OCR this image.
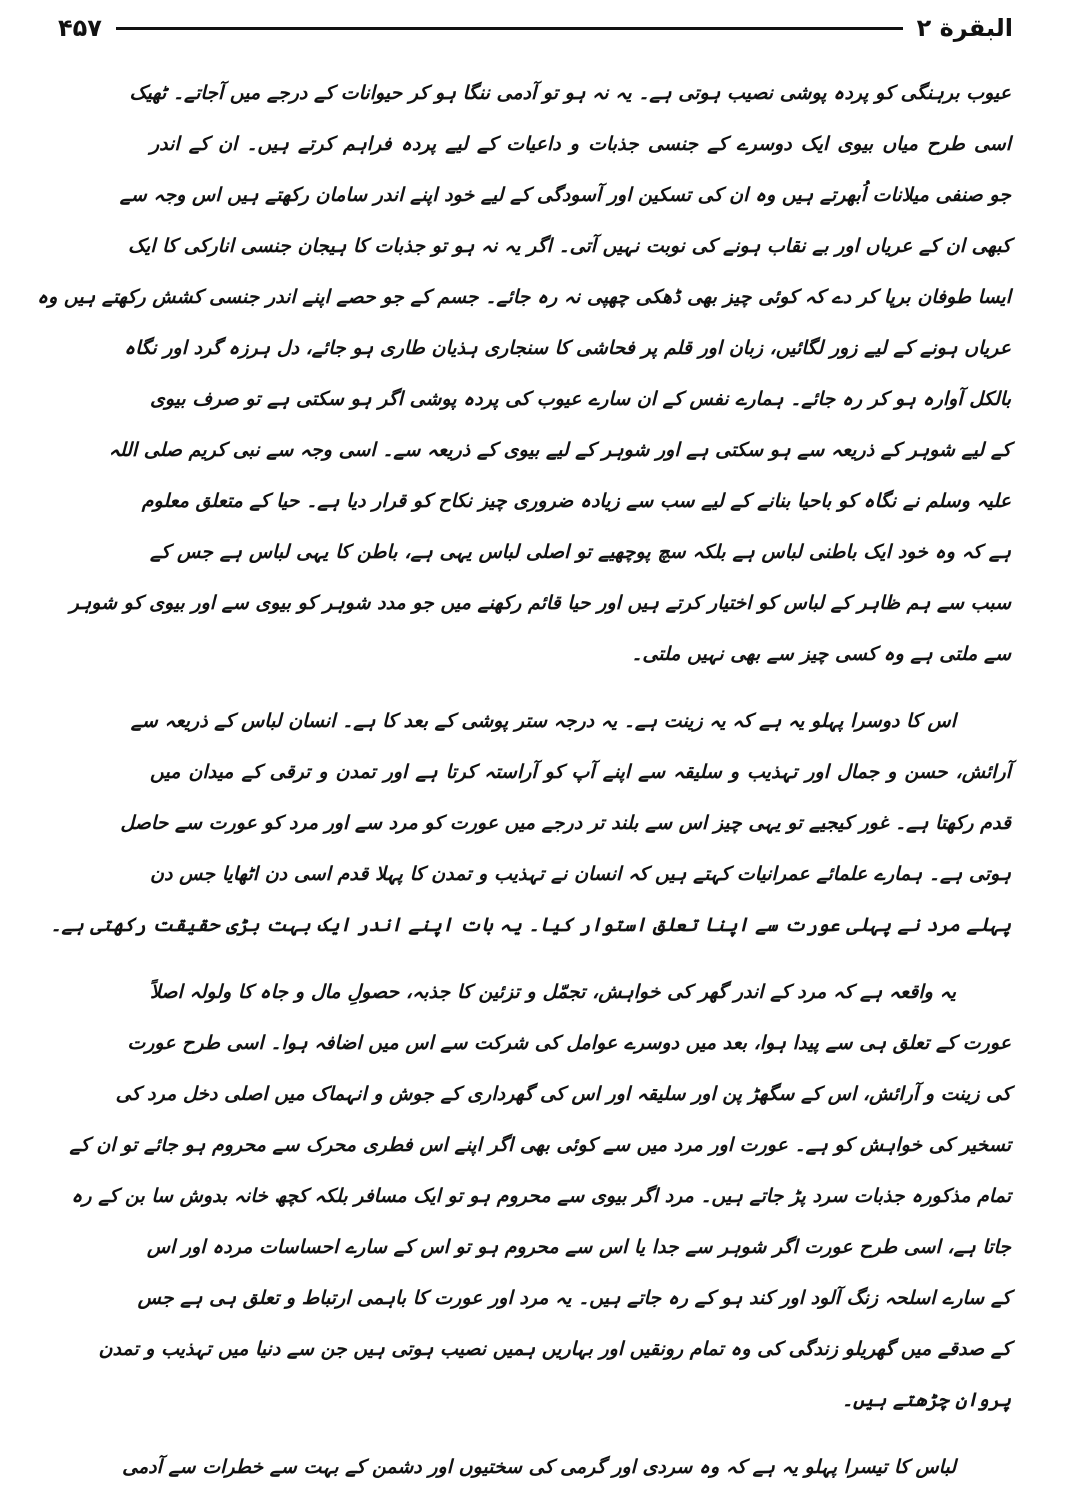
البقرة ۲
۴۵۷
عیوب برہنگی کو پردہ پوشی نصیب ہوتی ہے۔ یہ نہ ہو تو آدمی ننگا ہو کر حیوانات کے درجے میں آجاتے۔ ٹھیک
اسی طرح میاں بیوی ایک دوسرے کے جنسی جذبات و داعیات کے لیے پردہ فراہم کرتے ہیں۔ ان کے اندر
جو صنفی میلانات اُبھرتے ہیں وہ ان کی تسکین اور آسودگی کے لیے خود اپنے اندر سامان رکھتے ہیں اس وجہ سے
کبھی ان کے عریاں اور بے نقاب ہونے کی نوبت نہیں آتی۔ اگر یہ نہ ہو تو جذبات کا ہیجان جنسی انارکی کا ایک
ایسا طوفان برپا کر دے کہ کوئی چیز بھی ڈھکی چھپی نہ رہ جائے۔ جسم کے جو حصے اپنے اندر جنسی کشش رکھتے ہیں وہ
عریاں ہونے کے لیے زور لگائیں، زبان اور قلم پر فحاشی کا سنجاری ہذیان طاری ہو جائے، دل ہرزہ گرد اور نگاہ
بالکل آوارہ ہو کر رہ جائے۔ ہمارے نفس کے ان سارے عیوب کی پردہ پوشی اگر ہو سکتی ہے تو صرف بیوی
کے لیے شوہر کے ذریعہ سے ہو سکتی ہے اور شوہر کے لیے بیوی کے ذریعہ سے۔ اسی وجہ سے نبی کریم صلی اللہ
علیہ وسلم نے نگاہ کو باحیا بنانے کے لیے سب سے زیادہ ضروری چیز نکاح کو قرار دیا ہے۔ حیا کے متعلق معلوم
ہے کہ وہ خود ایک باطنی لباس ہے بلکہ سچ پوچھیے تو اصلی لباس یہی ہے، باطن کا یہی لباس ہے جس کے
سبب سے ہم ظاہر کے لباس کو اختیار کرتے ہیں اور حیا قائم رکھنے میں جو مدد شوہر کو بیوی سے اور بیوی کو شوہر
سے ملتی ہے وہ کسی چیز سے بھی نہیں ملتی۔
اس کا دوسرا پہلو یہ ہے کہ یہ زینت ہے۔ یہ درجہ ستر پوشی کے بعد کا ہے۔ انسان لباس کے ذریعہ سے
آرائش، حسن و جمال اور تہذیب و سلیقہ سے اپنے آپ کو آراستہ کرتا ہے اور تمدن و ترقی کے میدان میں
قدم رکھتا ہے۔ غور کیجیے تو یہی چیز اس سے بلند تر درجے میں عورت کو مرد سے اور مرد کو عورت سے حاصل
ہوتی ہے۔ ہمارے علمائے عمرانیات کہتے ہیں کہ انسان نے تہذیب و تمدن کا پہلا قدم اسی دن اٹھایا جس دن
پہلے مرد نے پہلی عورت سے اپنا تعلق استوار کیا۔ یہ بات اپنے اندر ایک بہت بڑی حقیقت رکھتی ہے۔
یہ واقعہ ہے کہ مرد کے اندر گھر کی خواہش، تجمّل و تزئین کا جذبہ، حصولِ مال و جاہ کا ولولہ اصلاً
عورت کے تعلق ہی سے پیدا ہوا، بعد میں دوسرے عوامل کی شرکت سے اس میں اضافہ ہوا۔ اسی طرح عورت
کی زینت و آرائش، اس کے سگھڑ پن اور سلیقہ اور اس کی گھرداری کے جوش و انہماک میں اصلی دخل مرد کی
تسخیر کی خواہش کو ہے۔ عورت اور مرد میں سے کوئی بھی اگر اپنے اس فطری محرک سے محروم ہو جائے تو ان کے
تمام مذکورہ جذبات سرد پڑ جاتے ہیں۔ مرد اگر بیوی سے محروم ہو تو ایک مسافر بلکہ کچھ خانہ بدوش سا بن کے رہ
جاتا ہے، اسی طرح عورت اگر شوہر سے جدا یا اس سے محروم ہو تو اس کے سارے احساسات مردہ اور اس
کے سارے اسلحہ زنگ آلود اور کند ہو کے رہ جاتے ہیں۔ یہ مرد اور عورت کا باہمی ارتباط و تعلق ہی ہے جس
کے صدقے میں گھریلو زندگی کی وہ تمام رونقیں اور بہاریں ہمیں نصیب ہوتی ہیں جن سے دنیا میں تہذیب و تمدن
پروان چڑھتے ہیں۔
لباس کا تیسرا پہلو یہ ہے کہ وہ سردی اور گرمی کی سختیوں اور دشمن کے بہت سے خطرات سے آدمی
